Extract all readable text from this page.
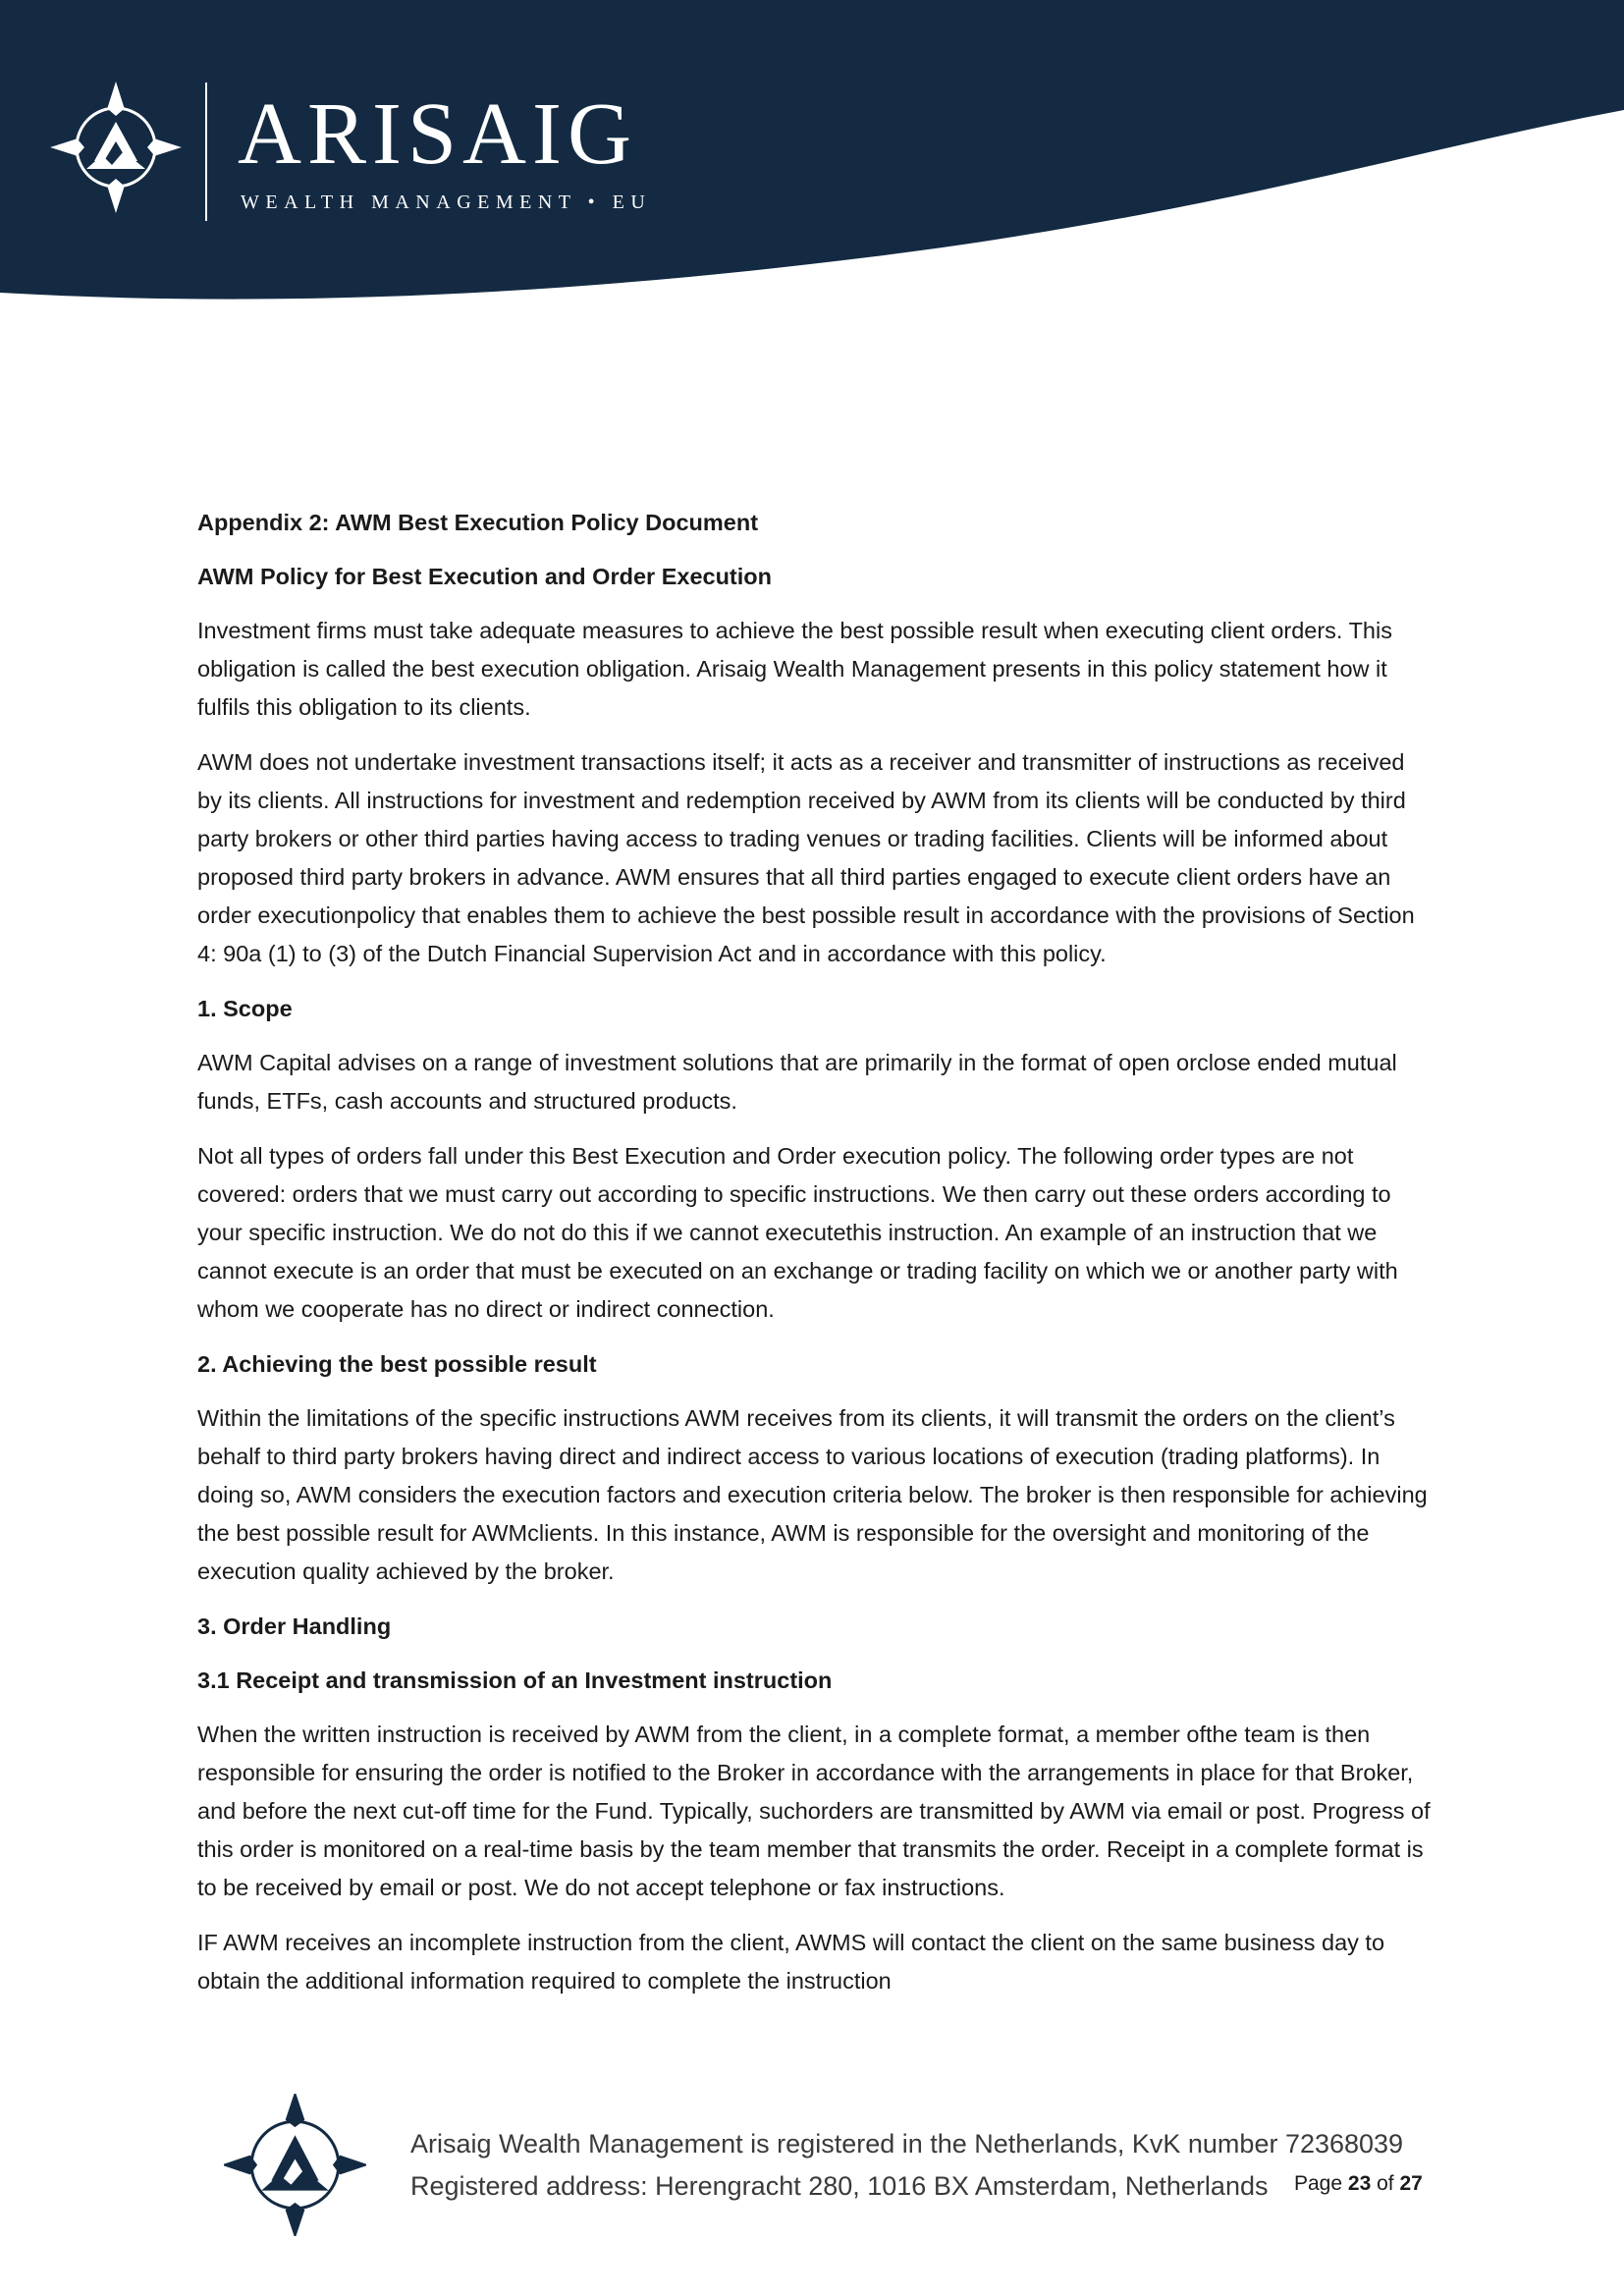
ARISAIG
WEALTH MANAGEMENT • EU
Appendix 2: AWM Best Execution Policy Document
AWM Policy for Best Execution and Order Execution

Investment firms must take adequate measures to achieve the best possible result when executing client orders. This obligation is called the best execution obligation. Arisaig Wealth Management presents in this policy statement how it fulfils this obligation to its clients.

AWM does not undertake investment transactions itself; it acts as a receiver and transmitter of instructions as received by its clients. All instructions for investment and redemption received by AWM from its clients will be conducted by third party brokers or other third parties having access to trading venues or trading facilities. Clients will be informed about proposed third party brokers in advance. AWM ensures that all third parties engaged to execute client orders have an order executionpolicy that enables them to achieve the best possible result in accordance with the provisions of Section 4: 90a (1) to (3) of the Dutch Financial Supervision Act and in accordance with this policy.

1. Scope

AWM Capital advises on a range of investment solutions that are primarily in the format of open orclose ended mutual funds, ETFs, cash accounts and structured products.

Not all types of orders fall under this Best Execution and Order execution policy. The following order types are not covered: orders that we must carry out according to specific instructions. We then carry out these orders according to your specific instruction. We do not do this if we cannot executethis instruction. An example of an instruction that we cannot execute is an order that must be executed on an exchange or trading facility on which we or another party with whom we cooperate has no direct or indirect connection.

2. Achieving the best possible result

Within the limitations of the specific instructions AWM receives from its clients, it will transmit the orders on the client’s behalf to third party brokers having direct and indirect access to various locations of execution (trading platforms). In doing so, AWM considers the execution factors and execution criteria below. The broker is then responsible for achieving the best possible result for AWMclients. In this instance, AWM is responsible for the oversight and monitoring of the execution quality achieved by the broker.

3. Order Handling
3.1 Receipt and transmission of an Investment instruction

When the written instruction is received by AWM from the client, in a complete format, a member ofthe team is then responsible for ensuring the order is notified to the Broker in accordance with the arrangements in place for that Broker, and before the next cut-off time for the Fund. Typically, suchorders are transmitted by AWM via email or post. Progress of this order is monitored on a real-time basis by the team member that transmits the order. Receipt in a complete format is to be received by email or post. We do not accept telephone or fax instructions.

IF AWM receives an incomplete instruction from the client, AWMS will contact the client on the same business day to obtain the additional information required to complete the instruction

Arisaig Wealth Management is registered in the Netherlands, KvK number 72368039
Registered address: Herengracht 280, 1016 BX Amsterdam, Netherlands	Page 23 of 27
